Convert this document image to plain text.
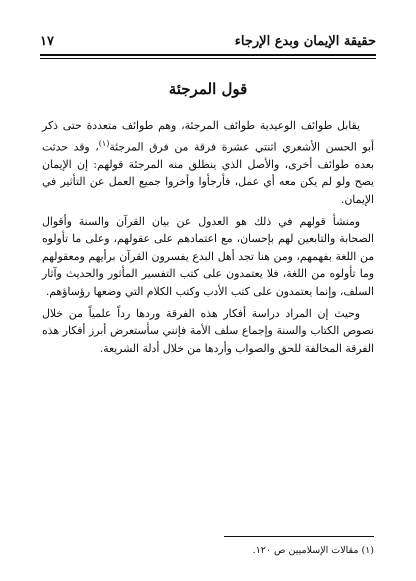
حقيقة الإيمان وبدع الإرجاء
١٧
قول المرجئة

يقابل طوائف الوعيدية طوائف المرجئة، وهم طوائف متعددة حتى ذكر أبو الحسن الأشعري اثنتي عشرة فرقة من فرق المرجئة$^{(١)}$، وقد حدثت بعده طوائف أخرى، والأصل الذي ينطلق منه المرجئة قولهم: إن الإيمان يصح ولو لم يكن معه أي عمل، فأرجأوا وأخروا جميع العمل عن التأثير في الإيمان.

ومنشأ قولهم في ذلك هو العدول عن بيان القرآن والسنة وأقوال الصحابة والتابعين لهم بإحسان، مع اعتمادهم على عقولهم، وعلى ما تأولوه من اللغة بفهمهم، ومن هنا تجد أهل البدع يفسرون القرآن برأيهم ومعقولهم وما تأولوه من اللغة، فلا يعتمدون على كتب التفسير المأثور والحديث وآثار السلف، وإنما يعتمدون على كتب الأدب وكتب الكلام التي وضعها رؤساؤهم.

وحيث إن المراد دراسة أفكار هذه الفرقة وردها رداً علمياً من خلال نصوص الكتاب والسنة وإجماع سلف الأمة فإنني سأستعرض أبرز أفكار هذه الفرقة المخالفة للحق والصواب وأردها من خلال أدلة الشريعة.

(١) مقالات الإسلاميين ص ١٢٠.
